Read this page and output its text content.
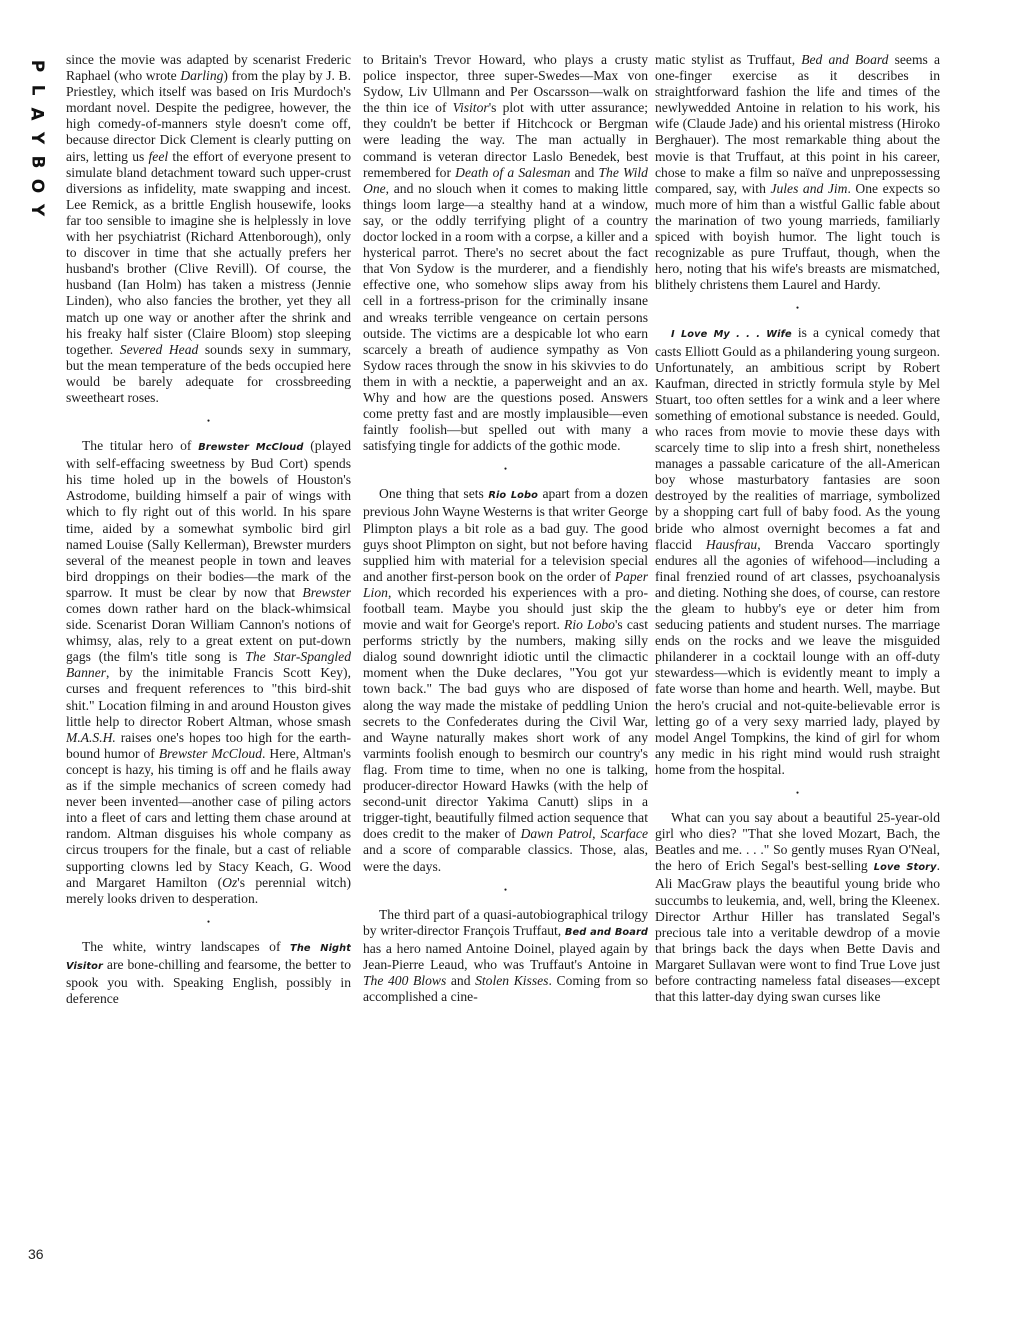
P
L
A
Y
B
O
Y
36

since the movie was adapted by scenarist Frederic Raphael (who wrote Darling) from the play by J. B. Priestley, which itself was based on Iris Murdoch's mordant novel. Despite the pedigree, however, the high comedy-of-manners style doesn't come off, because director Dick Clement is clearly putting on airs, letting us feel the effort of everyone present to simulate bland detachment toward such upper-crust diversions as infidelity, mate swapping and incest. Lee Remick, as a brittle English housewife, looks far too sensible to imagine she is helplessly in love with her psychiatrist (Richard Attenborough), only to discover in time that she actually prefers her husband's brother (Clive Revill). Of course, the husband (Ian Holm) has taken a mistress (Jennie Linden), who also fancies the brother, yet they all match up one way or another after the shrink and his freaky half sister (Claire Bloom) stop sleeping together. Severed Head sounds sexy in summary, but the mean temperature of the beds occupied here would be barely adequate for crossbreeding sweetheart roses.

●

The titular hero of Brewster McCloud (played with self-effacing sweetness by Bud Cort) spends his time holed up in the bowels of Houston's Astrodome, building himself a pair of wings with which to fly right out of this world. In his spare time, aided by a somewhat symbolic bird girl named Louise (Sally Kellerman), Brewster murders several of the meanest people in town and leaves bird droppings on their bodies—the mark of the sparrow. It must be clear by now that Brewster comes down rather hard on the black-whimsical side. Scenarist Doran William Cannon's notions of whimsy, alas, rely to a great extent on put-down gags (the film's title song is The Star-Spangled Banner, by the inimitable Francis Scott Key), curses and frequent references to "this bird-shit shit." Location filming in and around Houston gives little help to director Robert Altman, whose smash M.A.S.H. raises one's hopes too high for the earth-bound humor of Brewster McCloud. Here, Altman's concept is hazy, his timing is off and he flails away as if the simple mechanics of screen comedy had never been invented—another case of piling actors into a fleet of cars and letting them chase around at random. Altman disguises his whole company as circus troupers for the finale, but a cast of reliable supporting clowns led by Stacy Keach, G. Wood and Margaret Hamilton (Oz's perennial witch) merely looks driven to desperation.

●

The white, wintry landscapes of The Night Visitor are bone-chilling and fearsome, the better to spook you with. Speaking English, possibly in deference

to Britain's Trevor Howard, who plays a crusty police inspector, three super-Swedes—Max von Sydow, Liv Ullmann and Per Oscarsson—walk on the thin ice of Visitor's plot with utter assurance; they couldn't be better if Hitchcock or Bergman were leading the way. The man actually in command is veteran director Laslo Benedek, best remembered for Death of a Salesman and The Wild One, and no slouch when it comes to making little things loom large—a stealthy hand at a window, say, or the oddly terrifying plight of a country doctor locked in a room with a corpse, a killer and a hysterical parrot. There's no secret about the fact that Von Sydow is the murderer, and a fiendishly effective one, who somehow slips away from his cell in a fortress-prison for the criminally insane and wreaks terrible vengeance on certain persons outside. The victims are a despicable lot who earn scarcely a breath of audience sympathy as Von Sydow races through the snow in his skivvies to do them in with a necktie, a paperweight and an ax. Why and how are the questions posed. Answers come pretty fast and are mostly implausible—even faintly foolish—but spelled out with many a satisfying tingle for addicts of the gothic mode.

●

One thing that sets Rio Lobo apart from a dozen previous John Wayne Westerns is that writer George Plimpton plays a bit role as a bad guy. The good guys shoot Plimpton on sight, but not before having supplied him with material for a television special and another first-person book on the order of Paper Lion, which recorded his experiences with a pro-football team. Maybe you should just skip the movie and wait for George's report. Rio Lobo's cast performs strictly by the numbers, making silly dialog sound downright idiotic until the climactic moment when the Duke declares, "You got yur town back." The bad guys who are disposed of along the way made the mistake of peddling Union secrets to the Confederates during the Civil War, and Wayne naturally makes short work of any varmints foolish enough to besmirch our country's flag. From time to time, when no one is talking, producer-director Howard Hawks (with the help of second-unit director Yakima Canutt) slips in a trigger-tight, beautifully filmed action sequence that does credit to the maker of Dawn Patrol, Scarface and a score of comparable classics. Those, alas, were the days.

●

The third part of a quasi-autobiographical trilogy by writer-director François Truffaut, Bed and Board has a hero named Antoine Doinel, played again by Jean-Pierre Leaud, who was Truffaut's Antoine in The 400 Blows and Stolen Kisses. Coming from so accomplished a cine-

matic stylist as Truffaut, Bed and Board seems a one-finger exercise as it describes in straightforward fashion the life and times of the newlywedded Antoine in relation to his work, his wife (Claude Jade) and his oriental mistress (Hiroko Berghauer). The most remarkable thing about the movie is that Truffaut, at this point in his career, chose to make a film so naïve and unprepossessing compared, say, with Jules and Jim. One expects so much more of him than a wistful Gallic fable about the marination of two young marrieds, familiarly spiced with boyish humor. The light touch is recognizable as pure Truffaut, though, when the hero, noting that his wife's breasts are mismatched, blithely christens them Laurel and Hardy.

●

I Love My . . . Wife is a cynical comedy that casts Elliott Gould as a philandering young surgeon. Unfortunately, an ambitious script by Robert Kaufman, directed in strictly formula style by Mel Stuart, too often settles for a wink and a leer where something of emotional substance is needed. Gould, who races from movie to movie these days with scarcely time to slip into a fresh shirt, nonetheless manages a passable caricature of the all-American boy whose masturbatory fantasies are soon destroyed by the realities of marriage, symbolized by a shopping cart full of baby food. As the young bride who almost overnight becomes a fat and flaccid Hausfrau, Brenda Vaccaro sportingly endures all the agonies of wifehood—including a final frenzied round of art classes, psychoanalysis and dieting. Nothing she does, of course, can restore the gleam to hubby's eye or deter him from seducing patients and student nurses. The marriage ends on the rocks and we leave the misguided philanderer in a cocktail lounge with an off-duty stewardess—which is evidently meant to imply a fate worse than home and hearth. Well, maybe. But the hero's crucial and not-quite-believable error is letting go of a very sexy married lady, played by model Angel Tompkins, the kind of girl for whom any medic in his right mind would rush straight home from the hospital.

●

What can you say about a beautiful 25-year-old girl who dies? "That she loved Mozart, Bach, the Beatles and me. . . ." So gently muses Ryan O'Neal, the hero of Erich Segal's best-selling Love Story. Ali MacGraw plays the beautiful young bride who succumbs to leukemia, and, well, bring the Kleenex. Director Arthur Hiller has translated Segal's precious tale into a veritable dewdrop of a movie that brings back the days when Bette Davis and Margaret Sullavan were wont to find True Love just before contracting nameless fatal diseases—except that this latter-day dying swan curses like
